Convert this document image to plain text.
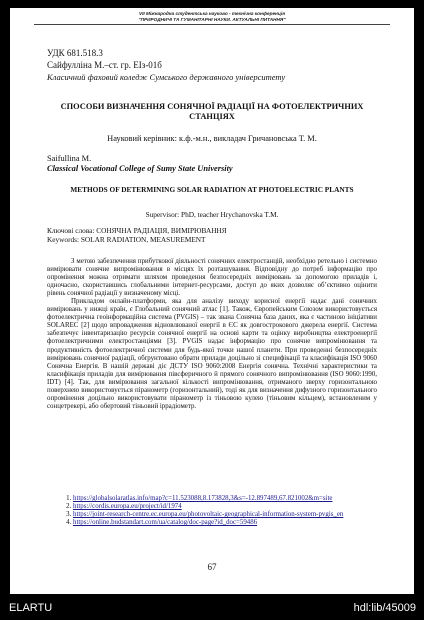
VII Міжнародна студентська науково - технічна конференція
"ПРИРОДНИЧІ ТА ГУМАНІТАРНІ НАУКИ. АКТУАЛЬНІ ПИТАННЯ"
УДК 681.518.3
Сайфулліна М.–ст. гр. ЕІз-01б
Класичний фаховий коледж Сумського державного університету
СПОСОБИ ВИЗНАЧЕННЯ СОНЯЧНОЇ РАДІАЦІЇ НА ФОТОЕЛЕКТРИЧНИХ СТАНЦІЯХ
Науковий керівник: к.ф.-м.н., викладач Гричановська Т. М.
Saifullina M.
Classical Vocational College of Sumy State University
METHODS OF DETERMINING SOLAR RADIATION AT PHOTOELECTRIC PLANTS
Supervisor: PhD, teacher Hrychanovska T.M.
Ключові слова: СОНЯЧНА РАДІАЦІЯ, ВИМІРЮВАННЯ
Keywords: SOLAR RADIATION, MEASUREMENT

З метою забезпечення прибуткової діяльності сонячних електростанцій, необхідно ретельно і системно вимірювати сонячне випромінювання в місцях їх розташування. Відповідну до потреб інформацію про опромінення можна отримати шляхом проведення безпосередніх вимірювань за допомогою приладів і, одночасно, скориставшись глобальними інтернет-ресурсами, доступ до яких дозволяє об’єктивно оцінити рівень сонячної радіації у визначеному місці.

Прикладом онлайн-платформи, яка для аналізу виходу корисної енергії надає дані сонячних вимірювань у нижці країн, є Глобальний сонячний атлас [1]. Також, Європейським Союзом використовується фотоелектрична геоінформаційна система (PVGIS) – так звана Сонячна база даних, яка є частиною ініціативи SOLAREC [2] щодо впровадження відновлюваної енергії в ЄС як довгострокового джерела енергії. Система забезпечує інвентаризацію ресурсів сонячної енергії на основі карти та оцінку виробництва електроенергії фотоелектричними електростанціями [3]. PVGIS надає інформацію про сонячне випромінювання та продуктивність фотоелектричної системи для будь-якої точки нашої планети. При проведенні безпосередніх вимірювань сонячної радіації, обґрунтовано обрати прилади доцільно зі специфікації та класифікація ISO 9060 Сонячна Енергія. В нашій державі діє ДСТУ ISO 9060:2008 Енергія сонячна. Технічні характеристики та класифікація приладів для вимірювання півсферичного й прямого сонячного випромінювання (ISO 9060:1990, IDT) [4]. Так, для вимірювання загальної кількості випромінювання, отриманого зверху горизонтальною поверхнею використовується піранометр (горизонтальний), тоді як для визначення дифузного горизонтального опромінення доцільно використовувати піранометр із тіньовою кулею (тіньовим кільцем), встановленим у сонцетрекері, або обертовий тіньовий іррадіометр.

1. https://globalsolaratlas.info/map?c=11.523088,8.173828,3&s=-12.897489,67.821002&m=site
2. https://cordis.europa.eu/project/id/1974
3. https://joint-research-centre.ec.europa.eu/photovoltaic-geographical-information-system-pvgis_en
4. https://online.budstandart.com/ua/catalog/doc-page?id_doc=59486
67
ELARTU	hdl:lib/45009
